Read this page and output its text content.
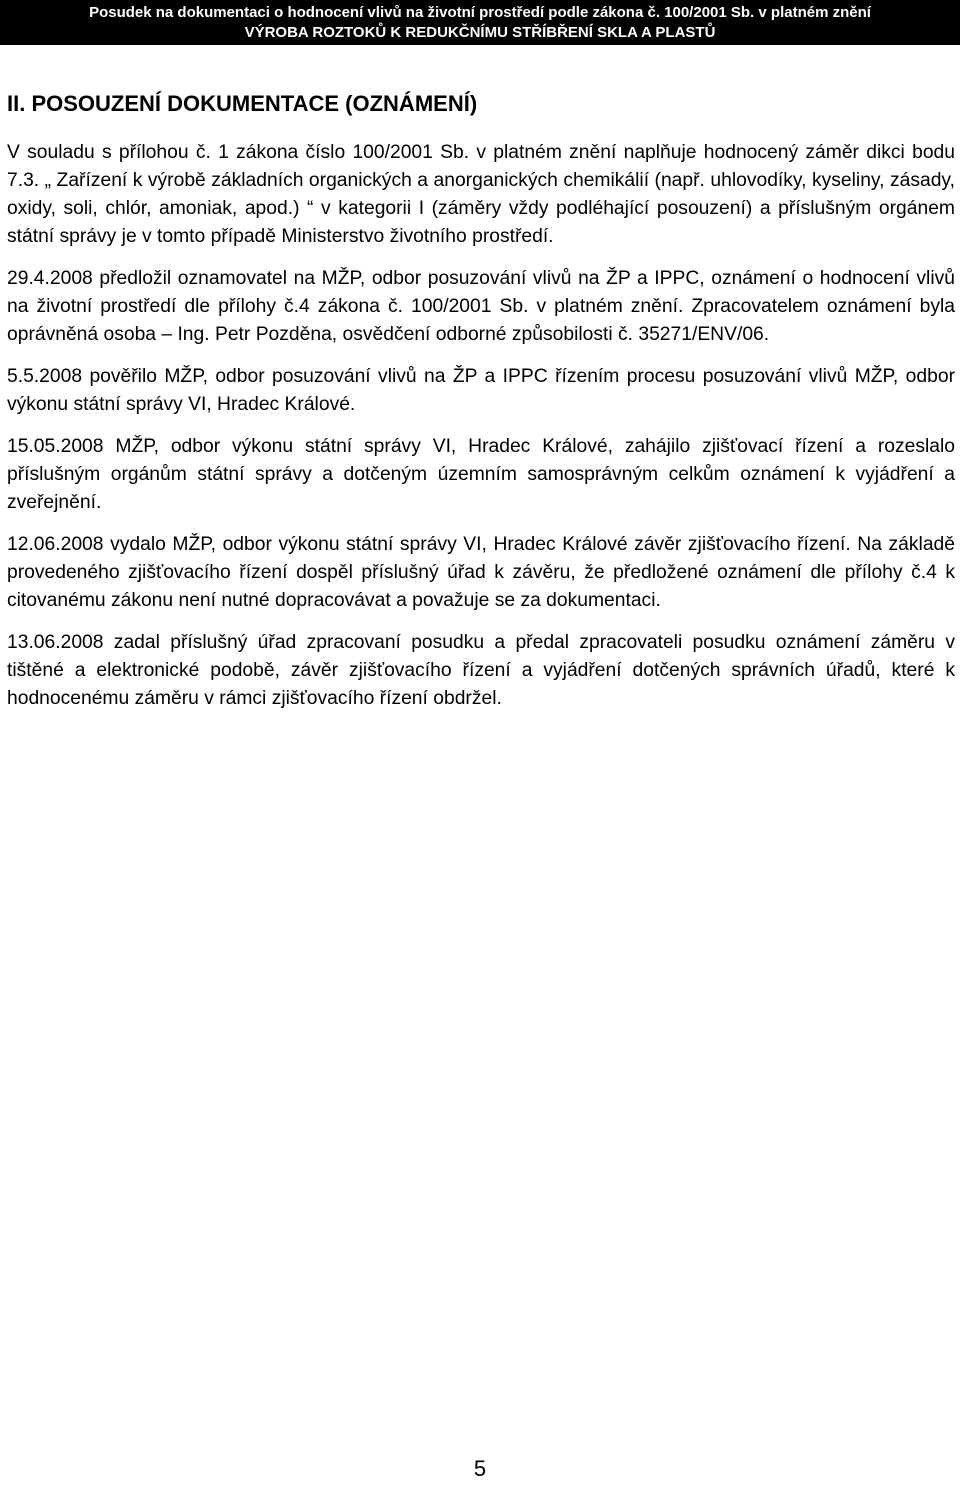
Posudek na dokumentaci o hodnocení vlivů na životní prostředí podle zákona č. 100/2001 Sb. v platném znění
VÝROBA ROZTOKŮ K REDUKČNÍMU STŘÍBŘENÍ SKLA A PLASTŮ
II. POSOUZENÍ DOKUMENTACE (OZNÁMENÍ)

V souladu s přílohou č. 1 zákona číslo 100/2001 Sb. v platném znění naplňuje hodnocený záměr dikci bodu 7.3. „ Zařízení k výrobě základních organických a anorganických chemikálií (např. uhlovodíky, kyseliny, zásady, oxidy, soli, chlór, amoniak, apod.) “ v kategorii I (záměry vždy podléhající posouzení) a příslušným orgánem státní správy je v tomto případě Ministerstvo životního prostředí.

29.4.2008 předložil oznamovatel na MŽP, odbor posuzování vlivů na ŽP a IPPC, oznámení o hodnocení vlivů na životní prostředí dle přílohy č.4 zákona č. 100/2001 Sb. v platném znění. Zpracovatelem oznámení byla oprávněná osoba – Ing. Petr Pozděna, osvědčení odborné způsobilosti č. 35271/ENV/06.

5.5.2008 pověřilo MŽP, odbor posuzování vlivů na ŽP a IPPC řízením procesu posuzování vlivů MŽP, odbor výkonu státní správy VI, Hradec Králové.

15.05.2008 MŽP, odbor výkonu státní správy VI, Hradec Králové, zahájilo zjišťovací řízení a rozeslalo příslušným orgánům státní správy a dotčeným územním samosprávným celkům oznámení k vyjádření a zveřejnění.

12.06.2008 vydalo MŽP, odbor výkonu státní správy VI, Hradec Králové závěr zjišťovacího řízení. Na základě provedeného zjišťovacího řízení dospěl příslušný úřad k závěru, že předložené oznámení dle přílohy č.4 k citovanému zákonu není nutné dopracovávat a považuje se za dokumentaci.

13.06.2008 zadal příslušný úřad zpracovaní posudku a předal zpracovateli posudku oznámení záměru v tištěné a elektronické podobě, závěr zjišťovacího řízení a vyjádření dotčených správních úřadů, které k hodnocenému záměru v rámci zjišťovacího řízení obdržel.

5
